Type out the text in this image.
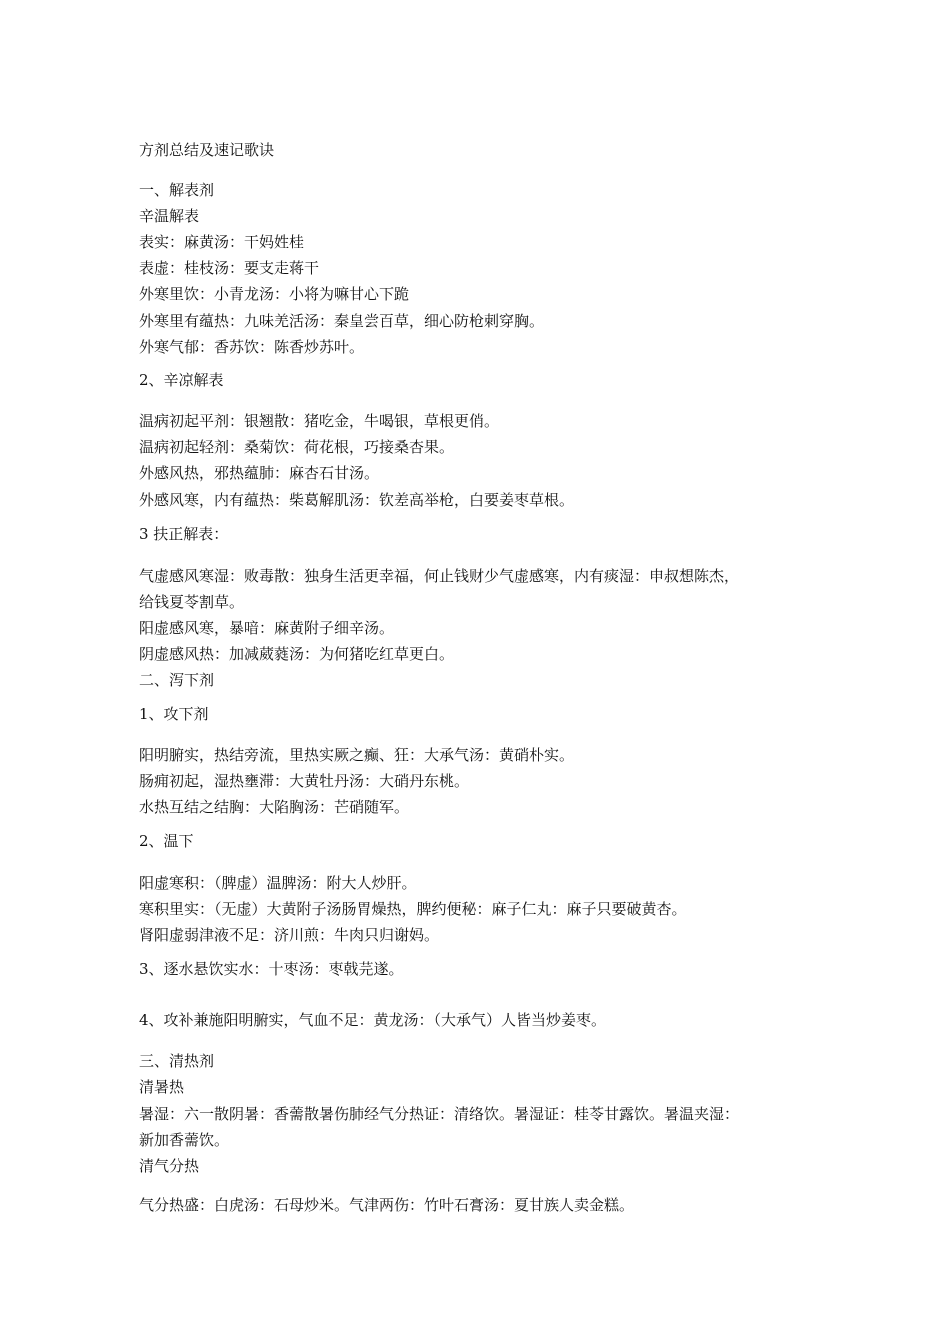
方剂总结及速记歌诀
一、解表剂
辛温解表
表实：麻黄汤：干妈姓桂
表虚：桂枝汤：要支走蒋干
外寒里饮：小青龙汤：小将为嘛甘心下跪
外寒里有蕴热：九味羌活汤：秦皇尝百草，细心防枪刺穿胸。
外寒气郁：香苏饮：陈香炒苏叶。
2、辛凉解表
温病初起平剂：银翘散：猪吃金，牛喝银，草根更俏。
温病初起轻剂：桑菊饮：荷花根，巧接桑杏果。
外感风热，邪热蕴肺：麻杏石甘汤。
外感风寒，内有蕴热：柴葛解肌汤：钦差高举枪，白要姜枣草根。
3 扶正解表：
气虚感风寒湿：败毒散：独身生活更幸福，何止钱财少气虚感寒，内有痰湿：申叔想陈杰，
给钱夏苓割草。
阳虚感风寒，暴喑：麻黄附子细辛汤。
阴虚感风热：加减葳蕤汤：为何猪吃红草更白。
二、泻下剂
1、攻下剂
阳明腑实，热结旁流，里热实厥之癫、狂：大承气汤：黄硝朴实。
肠痈初起，湿热壅滞：大黄牡丹汤：大硝丹东桃。
水热互结之结胸：大陷胸汤：芒硝随军。
2、温下
阳虚寒积：（脾虚）温脾汤：附大人炒肝。
寒积里实：（无虚）大黄附子汤肠胃燥热，脾约便秘：麻子仁丸：麻子只要破黄杏。
肾阳虚弱津液不足：济川煎：牛肉只归谢妈。
3、逐水悬饮实水：十枣汤：枣戟芫遂。
4、攻补兼施阳明腑实，气血不足：黄龙汤：（大承气）人皆当炒姜枣。
三、清热剂
清暑热
暑湿：六一散阴暑：香薷散暑伤肺经气分热证：清络饮。暑湿证：桂苓甘露饮。暑温夹湿：
新加香薷饮。
清气分热
气分热盛：白虎汤：石母炒米。气津两伤：竹叶石膏汤：夏甘族人卖金糕。
